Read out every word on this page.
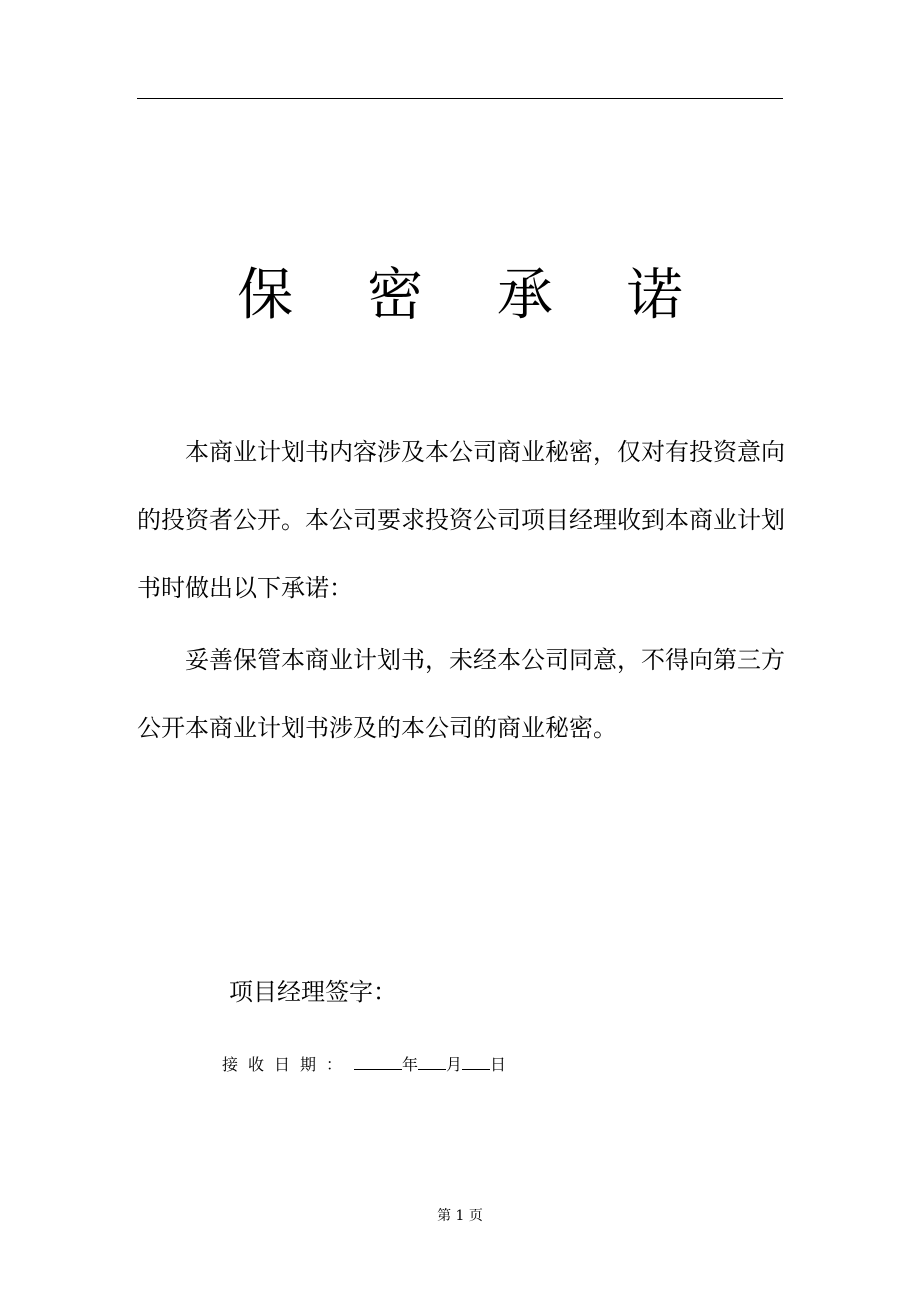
保 密 承 诺

本商业计划书内容涉及本公司商业秘密，仅对有投资意向的投资者公开。本公司要求投资公司项目经理收到本商业计划书时做出以下承诺：

妥善保管本商业计划书，未经本公司同意，不得向第三方公开本商业计划书涉及的本公司的商业秘密。

项目经理签字：
接收日期：	年 月 日
第 1 页
